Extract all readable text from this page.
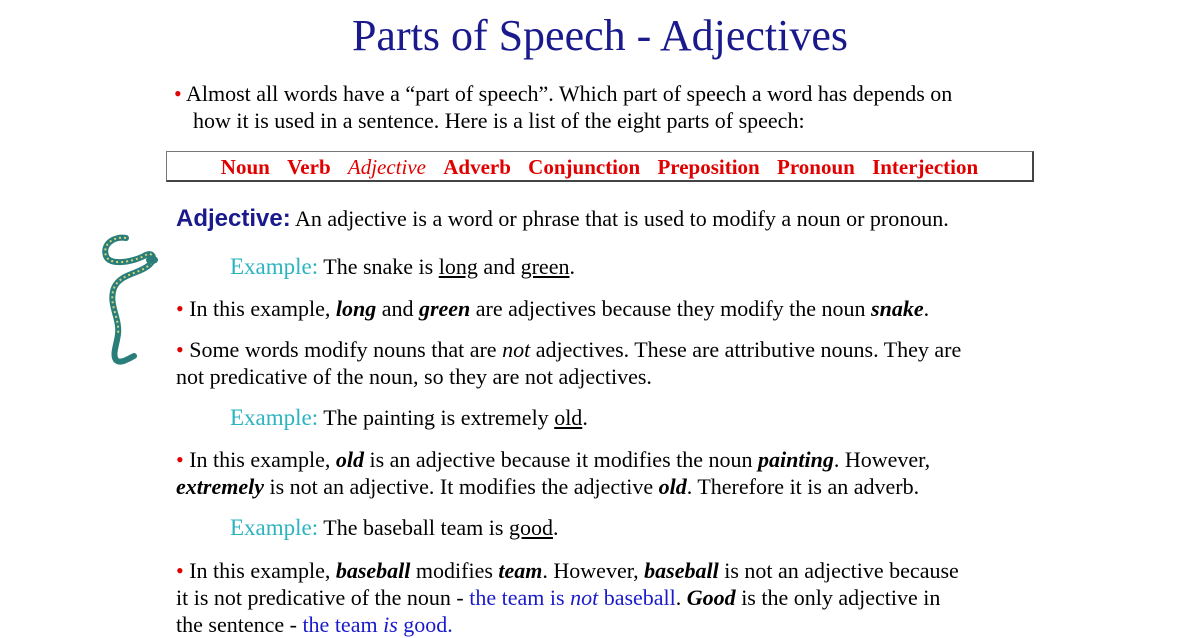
Parts of Speech - Adjectives
• Almost all words have a “part of speech”. Which part of speech a word has depends on
how it is used in a sentence. Here is a list of the eight parts of speech:
Noun Verb Adjective Adverb Conjunction Preposition Pronoun Interjection
Adjective: An adjective is a word or phrase that is used to modify a noun or pronoun.
Example: The snake is long and green.
• In this example, long and green are adjectives because they modify the noun snake.
• Some words modify nouns that are not adjectives. These are attributive nouns. They are
not predicative of the noun, so they are not adjectives.
Example: The painting is extremely old.
• In this example, old is an adjective because it modifies the noun painting. However,
extremely is not an adjective. It modifies the adjective old. Therefore it is an adverb.
Example: The baseball team is good.
• In this example, baseball modifies team. However, baseball is not an adjective because
it is not predicative of the noun - the team is not baseball. Good is the only adjective in
the sentence - the team is good.
